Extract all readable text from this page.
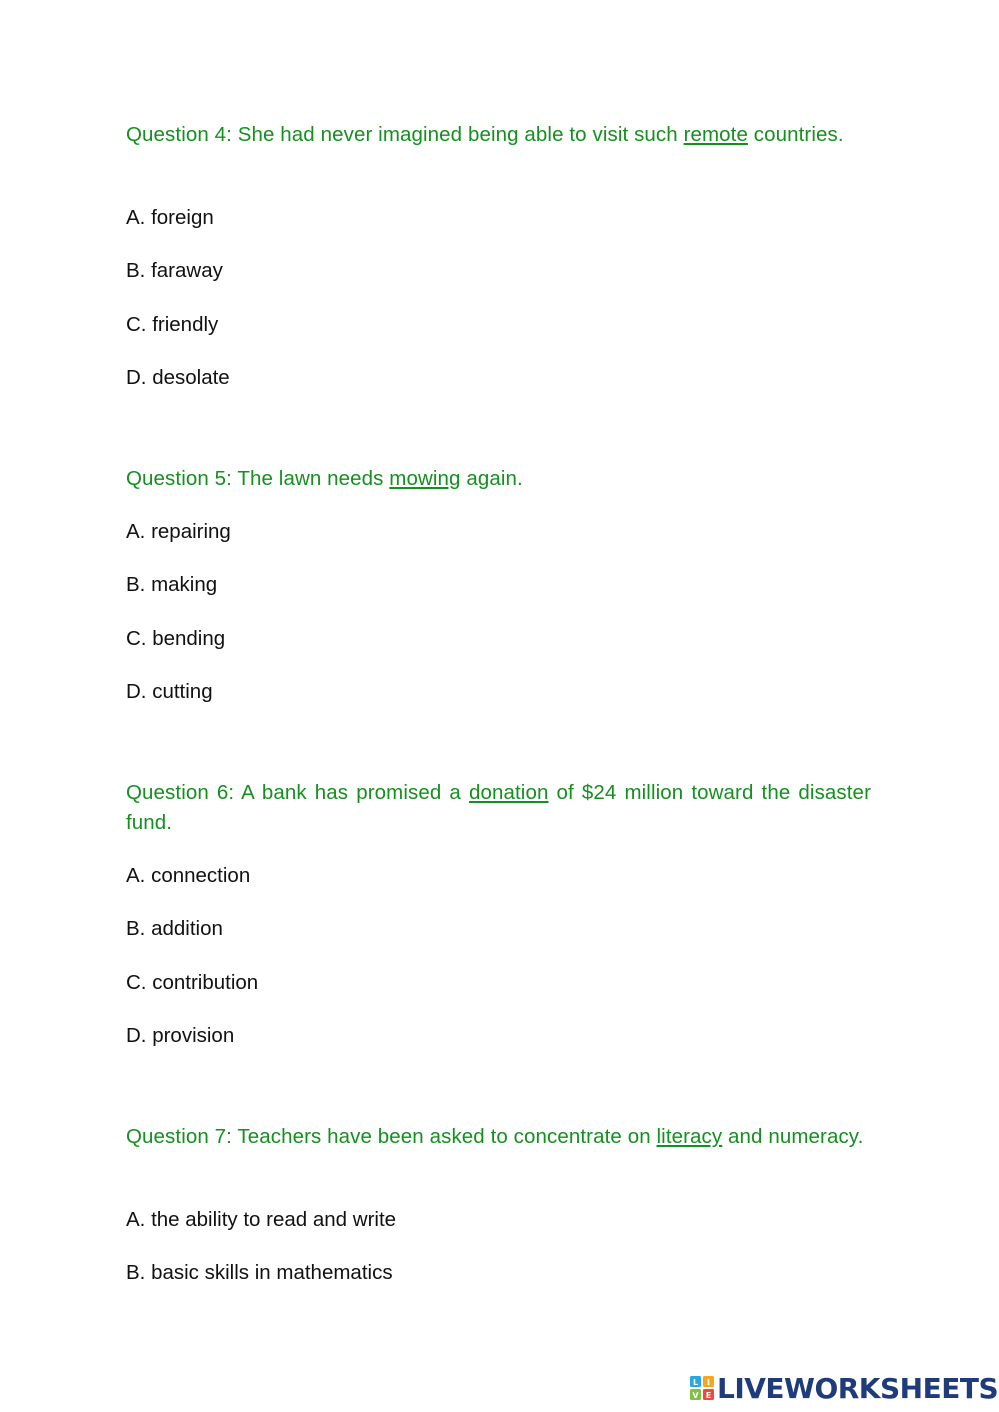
Question 4: She had never imagined being able to visit such remote countries.

A. foreign

B. faraway

C. friendly

D. desolate

Question 5: The lawn needs mowing again.

A. repairing

B. making

C. bending

D. cutting

Question 6: A bank has promised a donation of $24 million toward the disaster fund.

A. connection

B. addition

C. contribution

D. provision

Question 7: Teachers have been asked to concentrate on literacy and numeracy.

A. the ability to read and write

B. basic skills in mathematics

L I
V E LIVEWORKSHEETS
